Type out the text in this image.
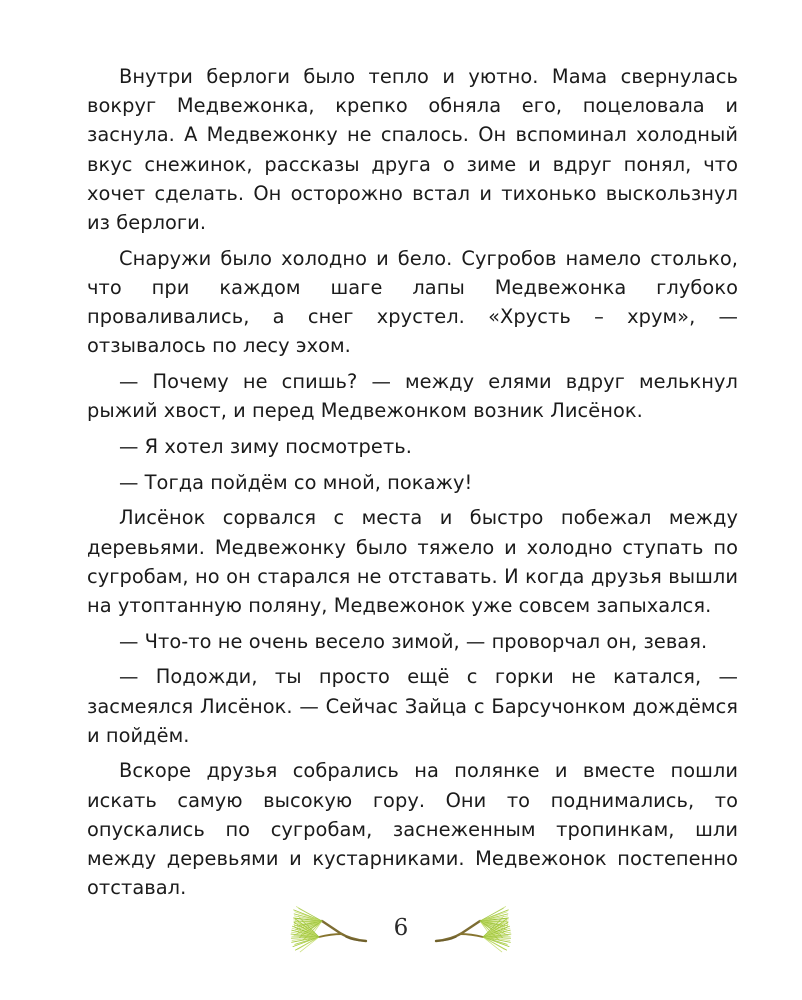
Внутри берлоги было тепло и уютно. Мама свернулась вокруг Медвежонка, крепко обняла его, поцеловала и заснула. А Медвежонку не спалось. Он вспоминал холодный вкус снежинок, рассказы друга о зиме и вдруг понял, что хочет сделать. Он осторожно встал и тихонько выскользнул из берлоги.

Снаружи было холодно и бело. Сугробов намело столько, что при каждом шаге лапы Медвежонка глубоко проваливались, а снег хрустел. «Хрусть – хрум», — отзывалось по лесу эхом.

— Почему не спишь? — между елями вдруг мелькнул рыжий хвост, и перед Медвежонком возник Лисёнок.

— Я хотел зиму посмотреть.

— Тогда пойдём со мной, покажу!

Лисёнок сорвался с места и быстро побежал между деревьями. Медвежонку было тяжело и холодно ступать по сугробам, но он старался не отставать. И когда друзья вышли на утоптанную поляну, Медвежонок уже совсем запыхался.

— Что-то не очень весело зимой, — проворчал он, зевая.

— Подожди, ты просто ещё с горки не катался, — засмеялся Лисёнок. — Сейчас Зайца с Барсучонком дождёмся и пойдём.

Вскоре друзья собрались на полянке и вместе пошли искать самую высокую гору. Они то поднимались, то опускались по сугробам, заснеженным тропинкам, шли между деревьями и кустарниками. Медвежонок постепенно отставал.

6
